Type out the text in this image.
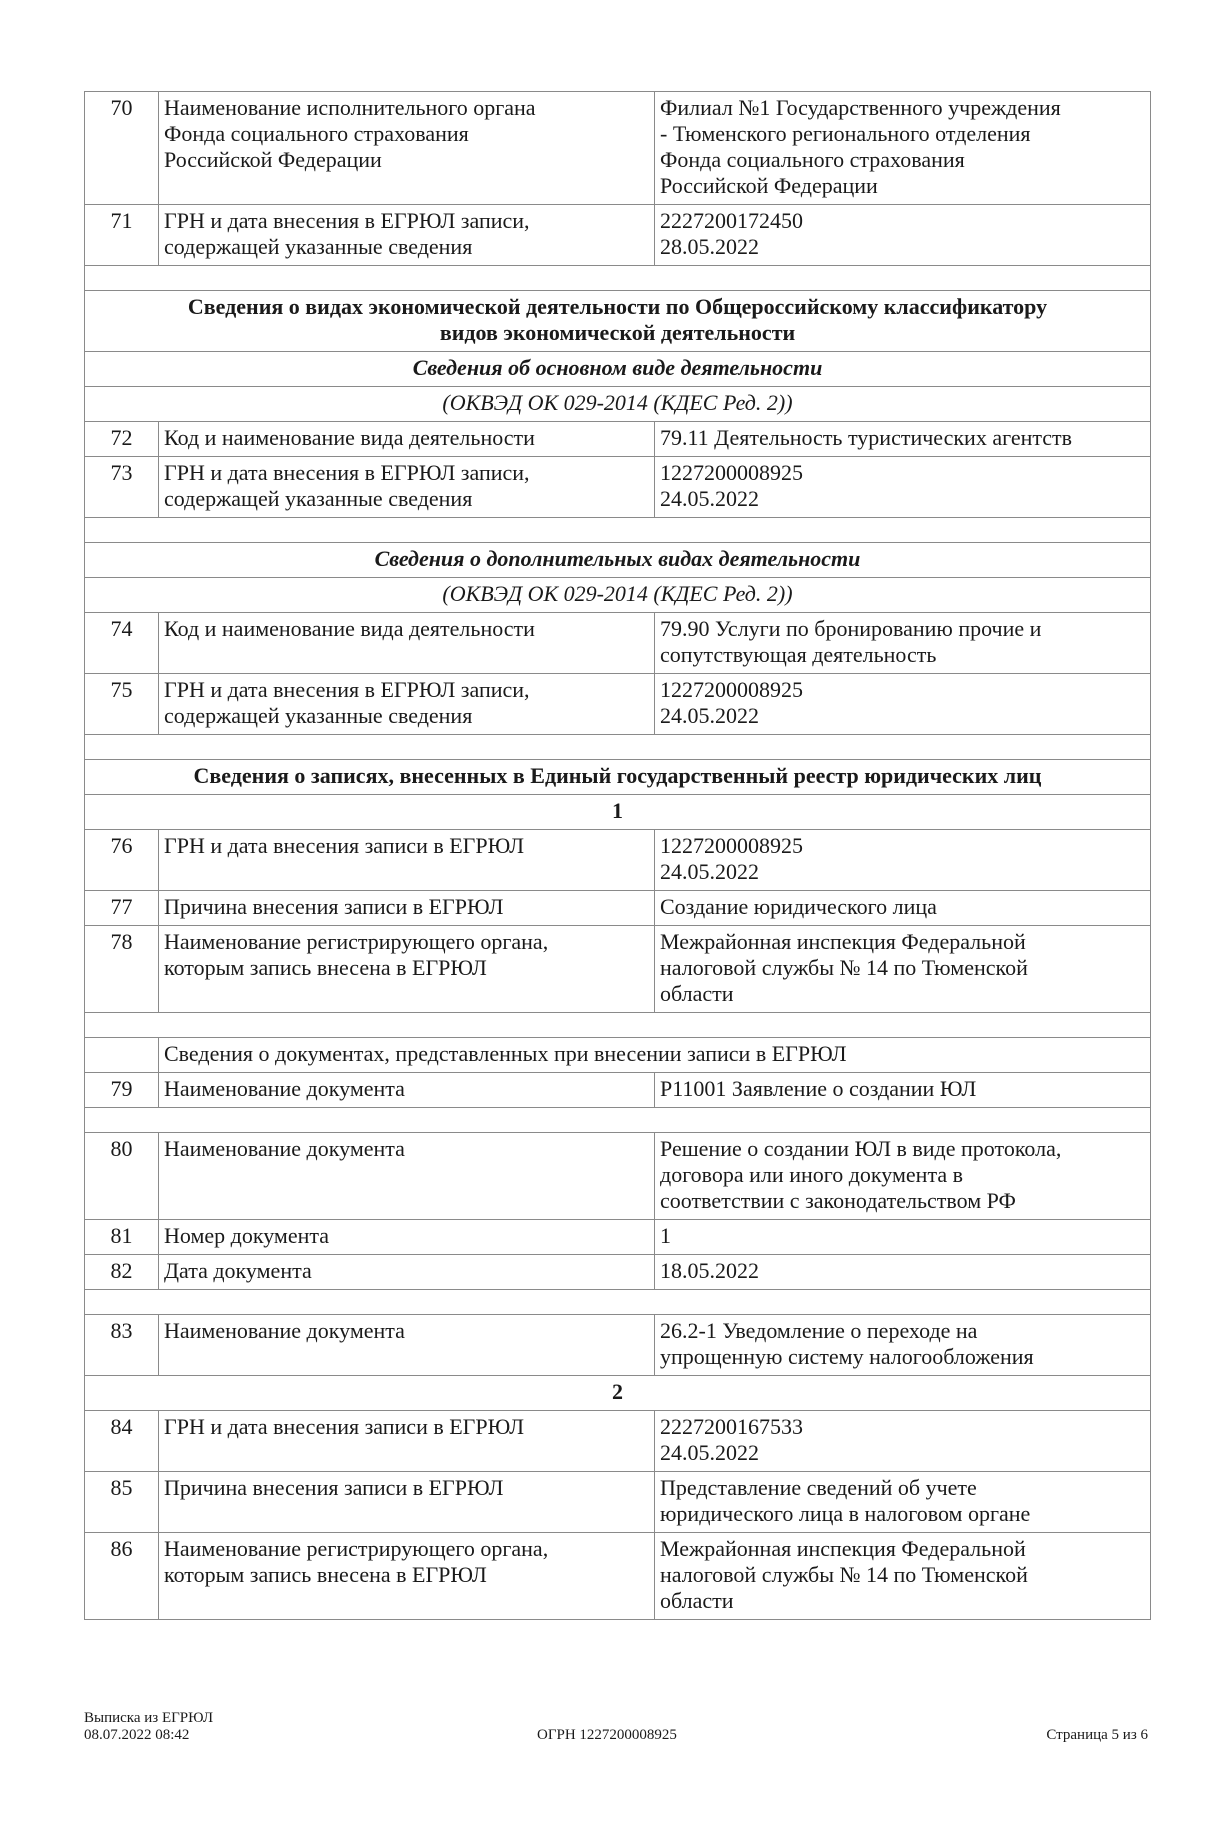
70	Наименование исполнительного органа
Фонда социального страхования
Российской Федерации	Филиал №1 Государственного учреждения
- Тюменского регионального отделения
Фонда социального страхования
Российской Федерации
71	ГРН и дата внесения в ЕГРЮЛ записи,
содержащей указанные сведения	2227200172450
28.05.2022

Сведения о видах экономической деятельности по Общероссийскому классификатору
видов экономической деятельности		
Сведения об основном виде деятельности		
(ОКВЭД ОК 029-2014 (КДЕС Ред. 2))		
72	Код и наименование вида деятельности	79.11 Деятельность туристических агентств
73	ГРН и дата внесения в ЕГРЮЛ записи,
содержащей указанные сведения	1227200008925
24.05.2022

Сведения о дополнительных видах деятельности		
(ОКВЭД ОК 029-2014 (КДЕС Ред. 2))		
74	Код и наименование вида деятельности	79.90 Услуги по бронированию прочие и
сопутствующая деятельность
75	ГРН и дата внесения в ЕГРЮЛ записи,
содержащей указанные сведения	1227200008925
24.05.2022

Сведения о записях, внесенных в Единый государственный реестр юридических лиц		
1		
76	ГРН и дата внесения записи в ЕГРЮЛ	1227200008925
24.05.2022
77	Причина внесения записи в ЕГРЮЛ	Создание юридического лица
78	Наименование регистрирующего органа,
которым запись внесена в ЕГРЮЛ	Межрайонная инспекция Федеральной
налоговой службы № 14 по Тюменской
области

	Сведения о документах, представленных при внесении записи в ЕГРЮЛ	
79	Наименование документа	Р11001 Заявление о создании ЮЛ

80	Наименование документа	Решение о создании ЮЛ в виде протокола,
договора или иного документа в
соответствии с законодательством РФ
81	Номер документа	1
82	Дата документа	18.05.2022

83	Наименование документа	26.2-1 Уведомление о переходе на
упрощенную систему налогообложения
2		
84	ГРН и дата внесения записи в ЕГРЮЛ	2227200167533
24.05.2022
85	Причина внесения записи в ЕГРЮЛ	Представление сведений об учете
юридического лица в налоговом органе
86	Наименование регистрирующего органа,
которым запись внесена в ЕГРЮЛ	Межрайонная инспекция Федеральной
налоговой службы № 14 по Тюменской
области
Выписка из ЕГРЮЛ
08.07.2022 08:42	ОГРН 1227200008925	Страница 5 из 6
